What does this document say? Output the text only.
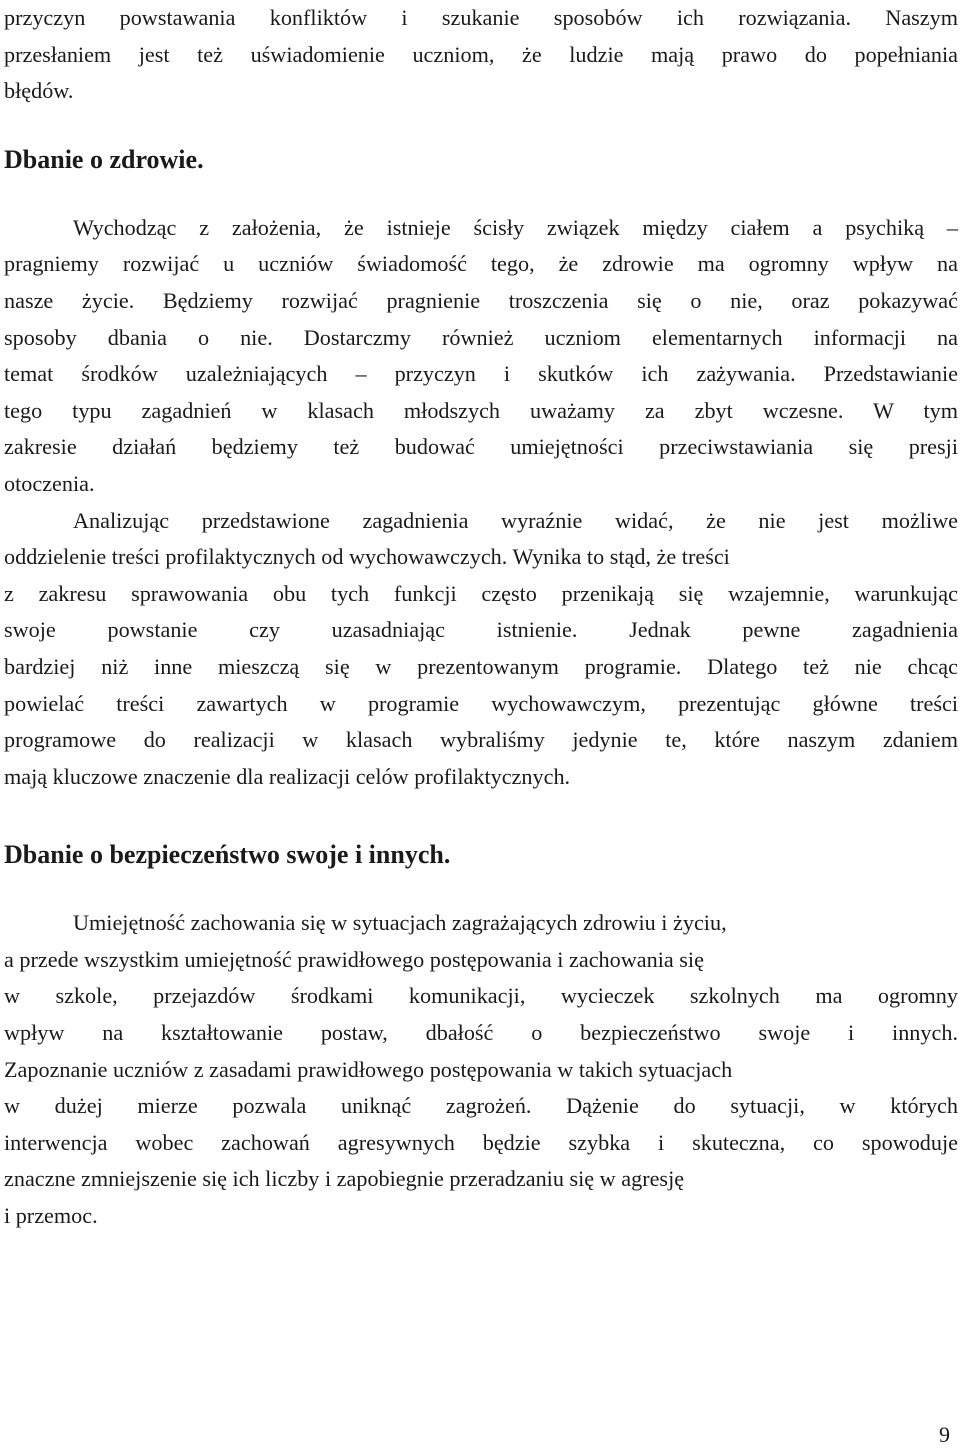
przyczyn powstawania konfliktów i szukanie sposobów ich rozwiązania. Naszym
przesłaniem jest też uświadomienie uczniom, że ludzie mają prawo do popełniania
błędów.
Dbanie o zdrowie.
Wychodząc z założenia, że istnieje ścisły związek między ciałem a psychiką –
pragniemy rozwijać u uczniów świadomość tego, że zdrowie ma ogromny wpływ na
nasze życie. Będziemy rozwijać pragnienie troszczenia się o nie, oraz pokazywać
sposoby dbania o nie. Dostarczmy również uczniom elementarnych informacji na
temat środków uzależniających – przyczyn i skutków ich zażywania. Przedstawianie
tego typu zagadnień w klasach młodszych uważamy za zbyt wczesne. W tym
zakresie działań będziemy też budować umiejętności przeciwstawiania się presji
otoczenia.
Analizując przedstawione zagadnienia wyraźnie widać, że nie jest możliwe
oddzielenie treści profilaktycznych od wychowawczych. Wynika to stąd, że treści
z zakresu sprawowania obu tych funkcji często przenikają się wzajemnie, warunkując
swoje powstanie czy uzasadniając istnienie. Jednak pewne zagadnienia
bardziej niż inne mieszczą się w prezentowanym programie. Dlatego też nie chcąc
powielać treści zawartych w programie wychowawczym, prezentując główne treści
programowe do realizacji w klasach wybraliśmy jedynie te, które naszym zdaniem
mają kluczowe znaczenie dla realizacji celów profilaktycznych.
Dbanie o bezpieczeństwo swoje i innych.
Umiejętność zachowania się w sytuacjach zagrażających zdrowiu i życiu,
a przede wszystkim umiejętność prawidłowego postępowania i zachowania się
w szkole, przejazdów środkami komunikacji, wycieczek szkolnych ma ogromny
wpływ na kształtowanie postaw, dbałość o bezpieczeństwo swoje i innych.
Zapoznanie uczniów z zasadami prawidłowego postępowania w takich sytuacjach
w dużej mierze pozwala uniknąć zagrożeń. Dążenie do sytuacji, w których
interwencja wobec zachowań agresywnych będzie szybka i skuteczna, co spowoduje
znaczne zmniejszenie się ich liczby i zapobiegnie przeradzaniu się w agresję
i przemoc.
9
